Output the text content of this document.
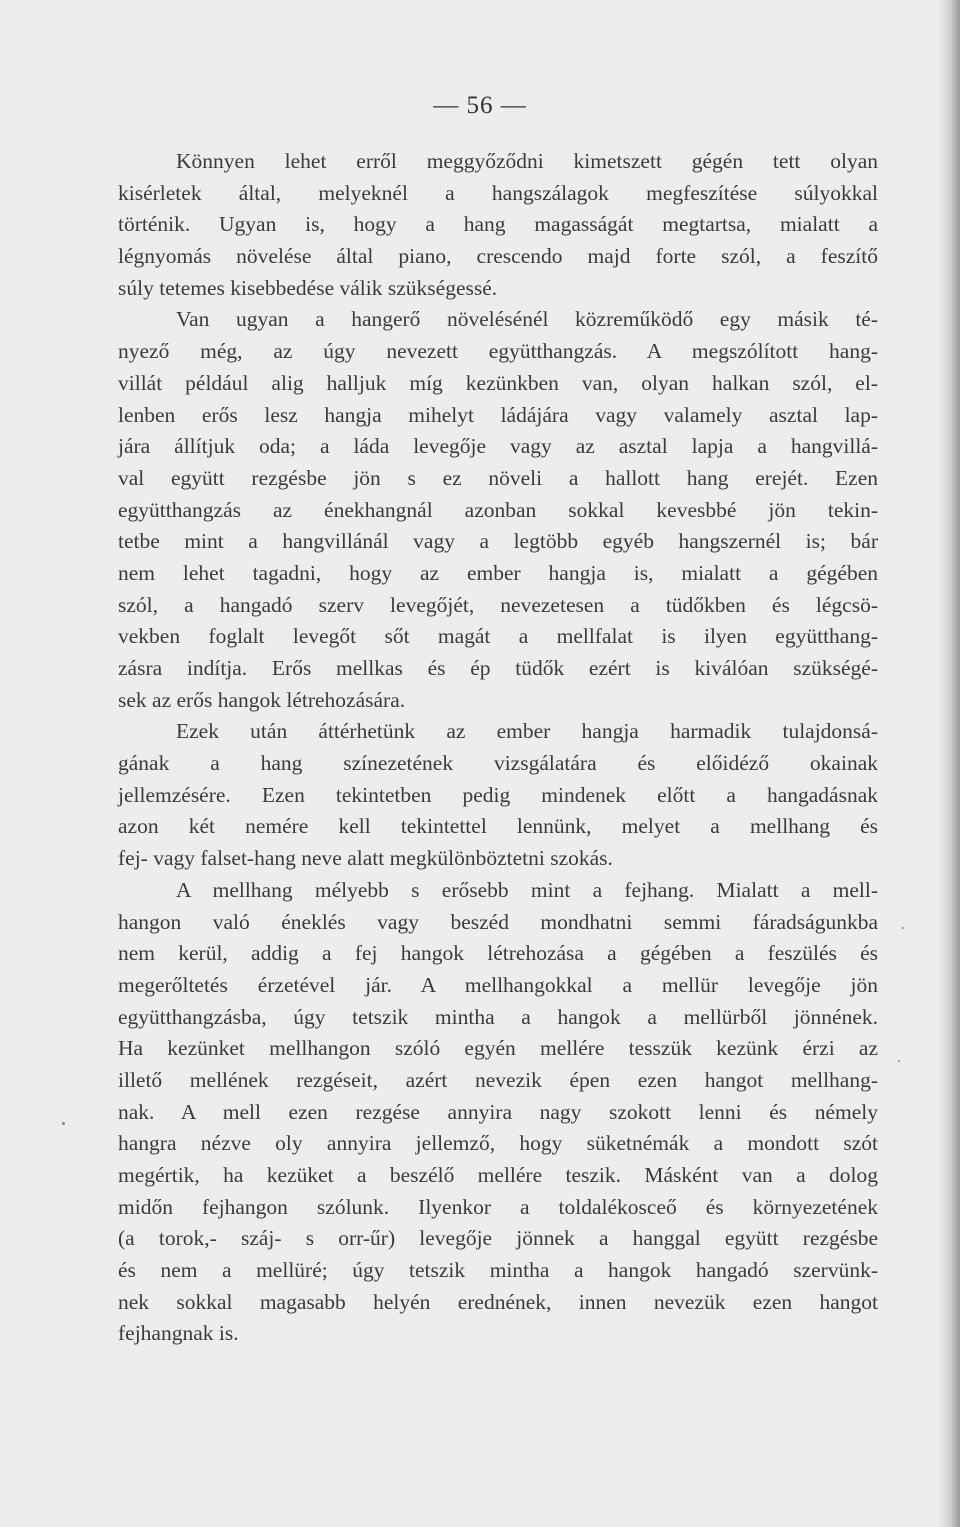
— 56 —
Könnyen lehet erről meggyőződni kimetszett gégén tett olyan
kisérletek által, melyeknél a hangszálagok megfeszítése súlyokkal
történik. Ugyan is, hogy a hang magasságát megtartsa, mialatt a
légnyomás növelése által piano, crescendo majd forte szól, a feszítő
súly tetemes kisebbedése válik szükségessé.
Van ugyan a hangerő növelésénél közreműködő egy másik té-
nyező még, az úgy nevezett együtthangzás. A megszólított hang-
villát például alig halljuk míg kezünkben van, olyan halkan szól, el-
lenben erős lesz hangja mihelyt ládájára vagy valamely asztal lap-
jára állítjuk oda; a láda levegője vagy az asztal lapja a hangvillá-
val együtt rezgésbe jön s ez növeli a hallott hang erejét. Ezen
együtthangzás az énekhangnál azonban sokkal kevesbbé jön tekin-
tetbe mint a hangvillánál vagy a legtöbb egyéb hangszernél is; bár
nem lehet tagadni, hogy az ember hangja is, mialatt a gégében
szól, a hangadó szerv levegőjét, nevezetesen a tüdőkben és légcsö-
vekben foglalt levegőt sőt magát a mellfalat is ilyen együtthang-
zásra indítja. Erős mellkas és ép tüdők ezért is kiválóan szükségé-
sek az erős hangok létrehozására.
Ezek után áttérhetünk az ember hangja harmadik tulajdonsá-
gának a hang színezetének vizsgálatára és előidéző okainak
jellemzésére. Ezen tekintetben pedig mindenek előtt a hangadásnak
azon két nemére kell tekintettel lennünk, melyet a mellhang és
fej- vagy falset-hang neve alatt megkülönböztetni szokás.
A mellhang mélyebb s erősebb mint a fejhang. Mialatt a mell-
hangon való éneklés vagy beszéd mondhatni semmi fáradságunkba
nem kerül, addig a fej hangok létrehozása a gégében a feszülés és
megerőltetés érzetével jár. A mellhangokkal a mellür levegője jön
együtthangzásba, úgy tetszik mintha a hangok a mellürből jönnének.
Ha kezünket mellhangon szóló egyén mellére tesszük kezünk érzi az
illető mellének rezgéseit, azért nevezik épen ezen hangot mellhang-
nak. A mell ezen rezgése annyira nagy szokott lenni és némely
hangra nézve oly annyira jellemző, hogy süketnémák a mondott szót
megértik, ha kezüket a beszélő mellére teszik. Másként van a dolog
midőn fejhangon szólunk. Ilyenkor a toldalékosceő és környezetének
(a torok,- száj- s orr-űr) levegője jönnek a hanggal együtt rezgésbe
és nem a mellüré; úgy tetszik mintha a hangok hangadó szervünk-
nek sokkal magasabb helyén erednének, innen nevezük ezen hangot
fejhangnak is.
